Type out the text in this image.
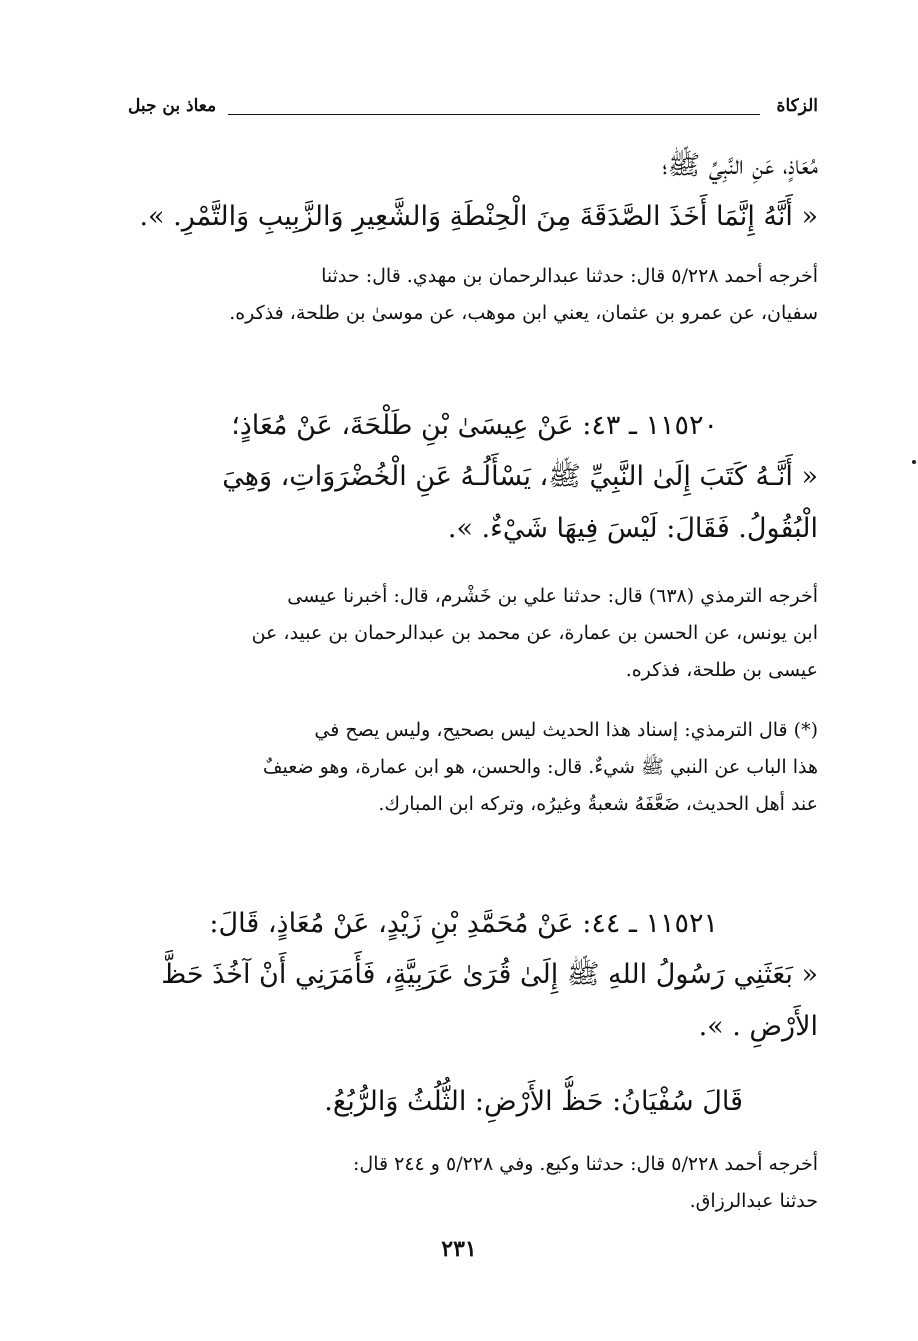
الزكاة
معاذ بن جبل
مُعَاذٍ، عَنِ النَّبِيِّ ﷺ؛
« أَنَّهُ إِنَّمَا أَخَذَ الصَّدَقَةَ مِنَ الْحِنْطَةِ وَالشَّعِيرِ وَالزَّبِيبِ وَالتَّمْرِ. ».
أخرجه أحمد ٥/٢٢٨ قال: حدثنا عبدالرحمان بن مهدي. قال: حدثنا
سفيان، عن عمرو بن عثمان، يعني ابن موهب، عن موسىٰ بن طلحة، فذكره.
١١٥٢٠ ـ ٤٣: عَنْ عِيسَىٰ بْنِ طَلْحَةَ، عَنْ مُعَاذٍ؛
« أَنَّـهُ كَتَبَ إِلَىٰ النَّبِيِّ ﷺ، يَسْأَلُـهُ عَنِ الْخُضْرَوَاتِ، وَهِيَ
الْبُقُولُ. فَقَالَ: لَيْسَ فِيهَا شَيْءٌ. ».
أخرجه الترمذي (٦٣٨) قال: حدثنا علي بن خَشْرم، قال: أخبرنا عيسى
ابن يونس، عن الحسن بن عمارة، عن محمد بن عبدالرحمان بن عبيد، عن
عيسى بن طلحة، فذكره.
(*) قال الترمذي: إسناد هذا الحديث ليس بصحيح، وليس يصح في
هذا الباب عن النبي ﷺ شيءٌ. قال: والحسن، هو ابن عمارة، وهو ضعيفٌ
عند أهل الحديث، ضَعَّفَهُ شعبةُ وغيرُه، وتركه ابن المبارك.
١١٥٢١ ـ ٤٤: عَنْ مُحَمَّدِ بْنِ زَيْدٍ، عَنْ مُعَاذٍ، قَالَ:
« بَعَثَنِي رَسُولُ اللهِ ﷺ إِلَىٰ قُرَىٰ عَرَبِيَّةٍ، فَأَمَرَنِي أَنْ آخُذَ حَظَّ
الأَرْضِ . ».
قَالَ سُفْيَانُ: حَظُّ الأَرْضِ: الثُّلُثُ وَالرُّبُعُ.
أخرجه أحمد ٥/٢٢٨ قال: حدثنا وكيع. وفي ٥/٢٢٨ و ٢٤٤ قال:
حدثنا عبدالرزاق.
٢٣١
